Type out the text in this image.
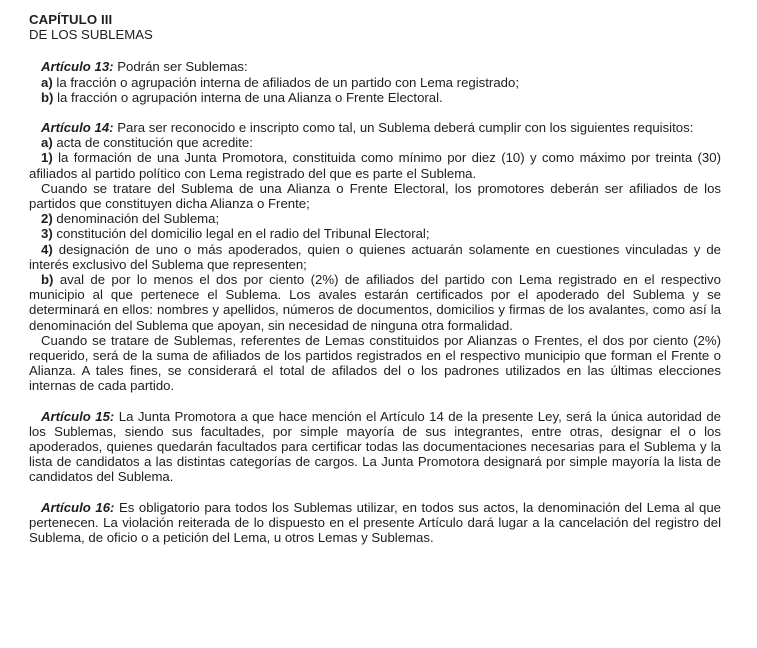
CAPÍTULO III
DE LOS SUBLEMAS

Artículo 13: Podrán ser Sublemas:

a) la fracción o agrupación interna de afiliados de un partido con Lema registrado;

b) la fracción o agrupación interna de una Alianza o Frente Electoral.

Artículo 14: Para ser reconocido e inscripto como tal, un Sublema deberá cumplir con los siguientes requisitos:

a) acta de constitución que acredite:

1) la formación de una Junta Promotora, constituida como mínimo por diez (10) y como máximo por treinta (30) afiliados al partido político con Lema registrado del que es parte el Sublema.

Cuando se tratare del Sublema de una Alianza o Frente Electoral, los promotores deberán ser afiliados de los partidos que constituyen dicha Alianza o Frente;

2) denominación del Sublema;

3) constitución del domicilio legal en el radio del Tribunal Electoral;

4) designación de uno o más apoderados, quien o quienes actuarán solamente en cuestiones vinculadas y de interés exclusivo del Sublema que representen;

b) aval de por lo menos el dos por ciento (2%) de afiliados del partido con Lema registrado en el respectivo municipio al que pertenece el Sublema. Los avales estarán certificados por el apoderado del Sublema y se determinará en ellos: nombres y apellidos, números de documentos, domicilios y firmas de los avalantes, como así la denominación del Sublema que apoyan, sin necesidad de ninguna otra formalidad.

Cuando se tratare de Sublemas, referentes de Lemas constituidos por Alianzas o Frentes, el dos por ciento (2%) requerido, será de la suma de afiliados de los partidos registrados en el respectivo municipio que forman el Frente o Alianza. A tales fines, se considerará el total de afilados del o los padrones utilizados en las últimas elecciones internas de cada partido.

Artículo 15: La Junta Promotora a que hace mención el Artículo 14 de la presente Ley, será la única autoridad de los Sublemas, siendo sus facultades, por simple mayoría de sus integrantes, entre otras, designar el o los apoderados, quienes quedarán facultados para certificar todas las documentaciones necesarias para el Sublema y la lista de candidatos a las distintas categorías de cargos. La Junta Promotora designará por simple mayoría la lista de candidatos del Sublema.

Artículo 16: Es obligatorio para todos los Sublemas utilizar, en todos sus actos, la denominación del Lema al que pertenecen. La violación reiterada de lo dispuesto en el presente Artículo dará lugar a la cancelación del registro del Sublema, de oficio o a petición del Lema, u otros Lemas y Sublemas.
